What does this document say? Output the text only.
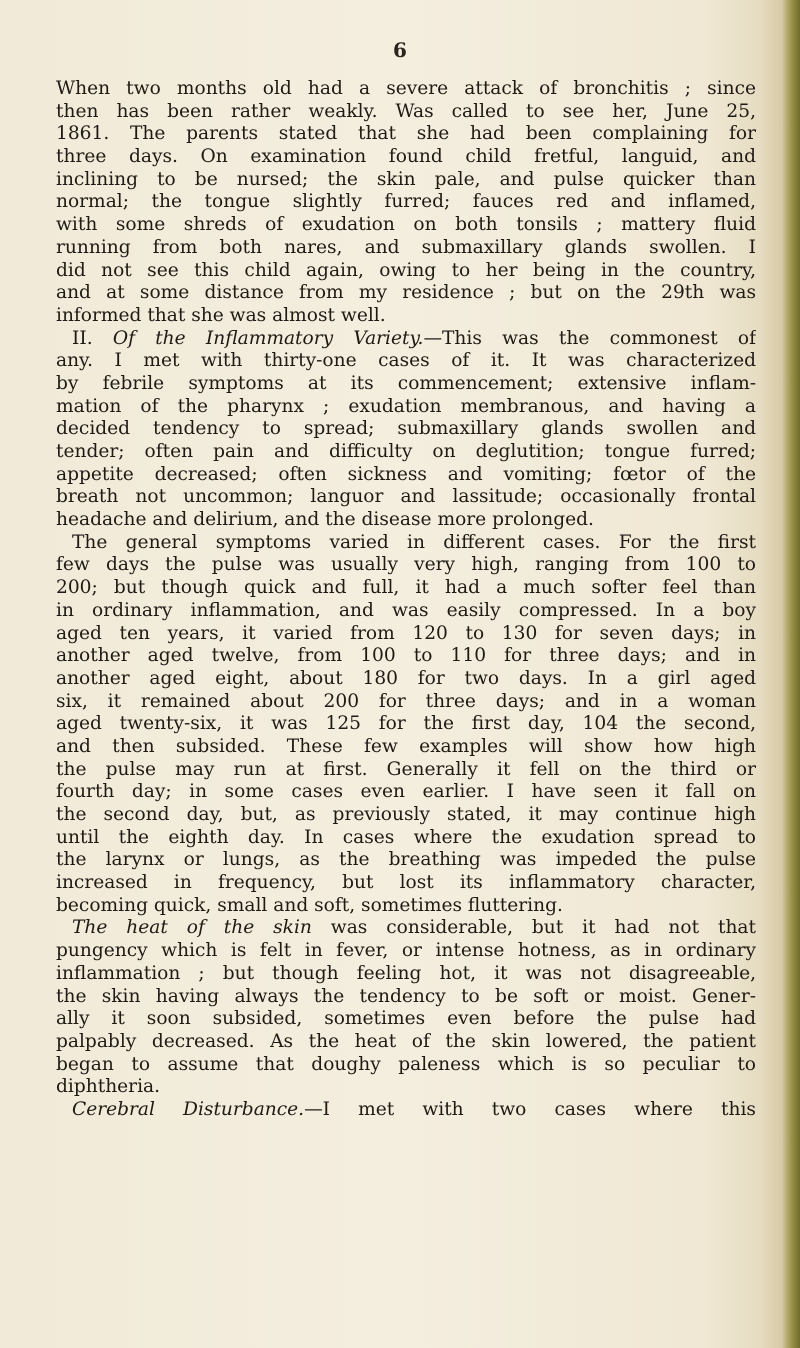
6
When two months old had a severe attack of bronchitis ; since
then has been rather weakly. Was called to see her, June 25,
1861. The parents stated that she had been complaining for
three days. On examination found child fretful, languid, and
inclining to be nursed; the skin pale, and pulse quicker than
normal; the tongue slightly furred; fauces red and inflamed,
with some shreds of exudation on both tonsils ; mattery fluid
running from both nares, and submaxillary glands swollen. I
did not see this child again, owing to her being in the country,
and at some distance from my residence ; but on the 29th was
informed that she was almost well.
II. Of the Inflammatory Variety.—This was the commonest of
any. I met with thirty-one cases of it. It was characterized
by febrile symptoms at its commencement; extensive inflam-
mation of the pharynx ; exudation membranous, and having a
decided tendency to spread; submaxillary glands swollen and
tender; often pain and difficulty on deglutition; tongue furred;
appetite decreased; often sickness and vomiting; fœtor of the
breath not uncommon; languor and lassitude; occasionally frontal
headache and delirium, and the disease more prolonged.
The general symptoms varied in different cases. For the first
few days the pulse was usually very high, ranging from 100 to
200; but though quick and full, it had a much softer feel than
in ordinary inflammation, and was easily compressed. In a boy
aged ten years, it varied from 120 to 130 for seven days; in
another aged twelve, from 100 to 110 for three days; and in
another aged eight, about 180 for two days. In a girl aged
six, it remained about 200 for three days; and in a woman
aged twenty-six, it was 125 for the first day, 104 the second,
and then subsided. These few examples will show how high
the pulse may run at first. Generally it fell on the third or
fourth day; in some cases even earlier. I have seen it fall on
the second day, but, as previously stated, it may continue high
until the eighth day. In cases where the exudation spread to
the larynx or lungs, as the breathing was impeded the pulse
increased in frequency, but lost its inflammatory character,
becoming quick, small and soft, sometimes fluttering.
The heat of the skin was considerable, but it had not that
pungency which is felt in fever, or intense hotness, as in ordinary
inflammation ; but though feeling hot, it was not disagreeable,
the skin having always the tendency to be soft or moist. Gener-
ally it soon subsided, sometimes even before the pulse had
palpably decreased. As the heat of the skin lowered, the patient
began to assume that doughy paleness which is so peculiar to
diphtheria.
Cerebral Disturbance.—I met with two cases where this
